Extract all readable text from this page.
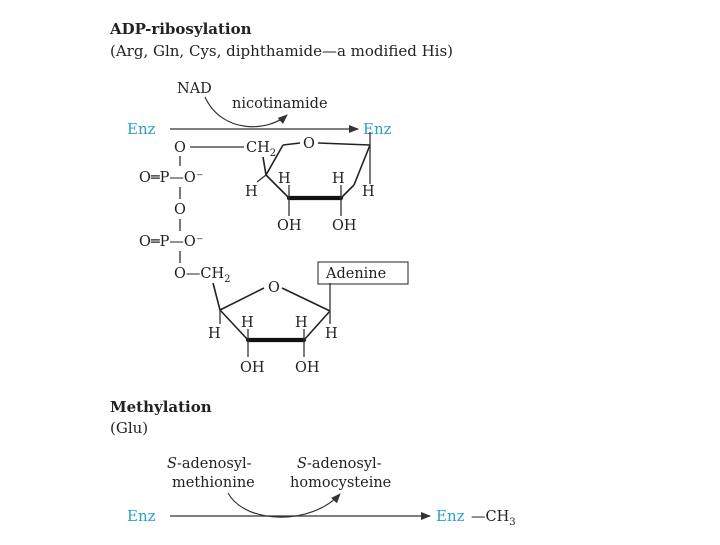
ADP-ribosylation
(Arg, Gln, Cys, diphthamide—a modified His)
NAD
nicotinamide
Enz	Enz
O	$CH_2$
O
H
H	H
H
OH OH
O═P—O⁻
O
O═P—O⁻
$O—CH_2$	Adenine
O
H
H	H
H
OH OH
Methylation
(Glu)
S-adenosyl-
methionine
S-adenosyl-
homocysteine
Enz	Enz $—CH_3$
